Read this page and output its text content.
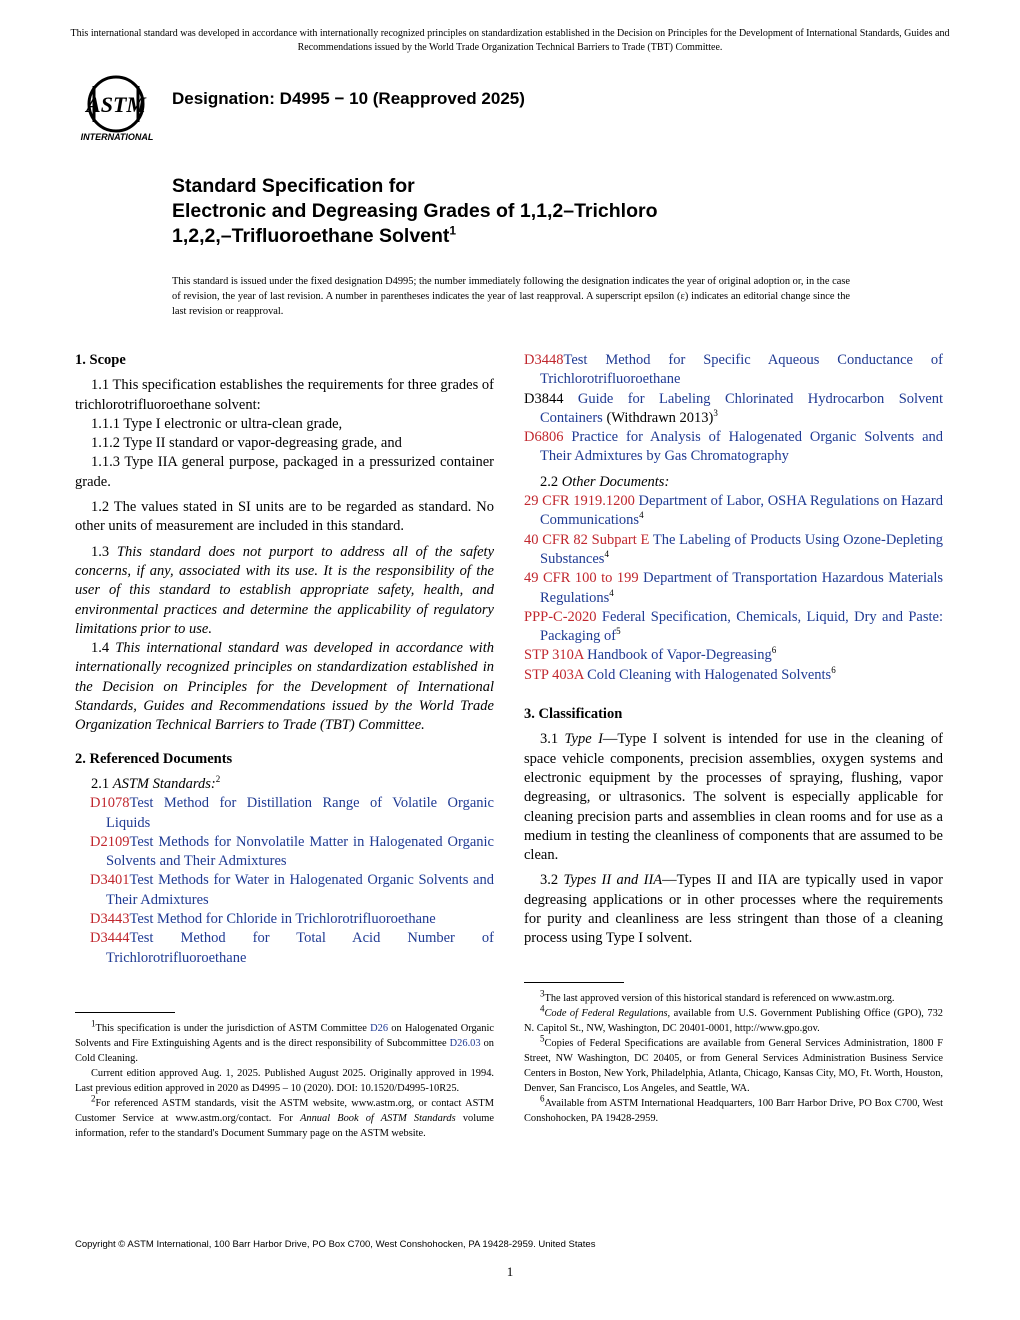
This international standard was developed in accordance with internationally recognized principles on standardization established in the Decision on Principles for the Development of International Standards, Guides and Recommendations issued by the World Trade Organization Technical Barriers to Trade (TBT) Committee.
ASTM
INTERNATIONAL
Designation: D4995 − 10 (Reapproved 2025)
Standard Specification for
Electronic and Degreasing Grades of 1,1,2–Trichloro
1,2,2,–Trifluoroethane Solvent$^1$
This standard is issued under the fixed designation D4995; the number immediately following the designation indicates the year of original adoption or, in the case of revision, the year of last revision. A number in parentheses indicates the year of last reapproval. A superscript epsilon (ε) indicates an editorial change since the last revision or reapproval.

1. Scope

1.1 This specification establishes the requirements for three grades of trichlorotrifluoroethane solvent:

1.1.1 Type I electronic or ultra-clean grade,

1.1.2 Type II standard or vapor-degreasing grade, and

1.1.3 Type IIA general purpose, packaged in a pressurized container grade.

1.2 The values stated in SI units are to be regarded as standard. No other units of measurement are included in this standard.

1.3 This standard does not purport to address all of the safety concerns, if any, associated with its use. It is the responsibility of the user of this standard to establish appropriate safety, health, and environmental practices and determine the applicability of regulatory limitations prior to use.

1.4 This international standard was developed in accordance with internationally recognized principles on standardization established in the Decision on Principles for the Development of International Standards, Guides and Recommendations issued by the World Trade Organization Technical Barriers to Trade (TBT) Committee.

2. Referenced Documents

2.1 ASTM Standards:$^2$

D1078Test Method for Distillation Range of Volatile Organic Liquids

D2109Test Methods for Nonvolatile Matter in Halogenated Organic Solvents and Their Admixtures

D3401Test Methods for Water in Halogenated Organic Solvents and Their Admixtures

D3443Test Method for Chloride in Trichlorotrifluoroethane

D3444Test Method for Total Acid Number of Trichlorotrifluoroethane

D3448Test Method for Specific Aqueous Conductance of Trichlorotrifluoroethane

D3844 Guide for Labeling Chlorinated Hydrocarbon Solvent Containers (Withdrawn 2013)$^3$

D6806 Practice for Analysis of Halogenated Organic Solvents and Their Admixtures by Gas Chromatography

2.2 Other Documents:

29 CFR 1919.1200 Department of Labor, OSHA Regulations on Hazard Communications$^4$

40 CFR 82 Subpart E The Labeling of Products Using Ozone-Depleting Substances$^4$

49 CFR 100 to 199 Department of Transportation Hazardous Materials Regulations$^4$

PPP-C-2020 Federal Specification, Chemicals, Liquid, Dry and Paste: Packaging $of^5$

STP 310A Handbook of Vapor-Degreasing$^6$

STP 403A Cold Cleaning with Halogenated Solvents$^6$

3. Classification

3.1 Type I—Type I solvent is intended for use in the cleaning of space vehicle components, precision assemblies, oxygen systems and electronic equipment by the processes of spraying, flushing, vapor degreasing, or ultrasonics. The solvent is especially applicable for cleaning precision parts and assemblies in clean rooms and for use as a medium in testing the cleanliness of components that are assumed to be clean.

3.2 Types II and IIA—Types II and IIA are typically used in vapor degreasing applications or in other processes where the requirements for purity and cleanliness are less stringent than those of a cleaning process using Type I solvent.

$^1$This specification is under the jurisdiction of ASTM Committee D26 on Halogenated Organic Solvents and Fire Extinguishing Agents and is the direct responsibility of Subcommittee D26.03 on Cold Cleaning.

Current edition approved Aug. 1, 2025. Published August 2025. Originally approved in 1994. Last previous edition approved in 2020 as D4995 – 10 (2020). DOI: 10.1520/D4995-10R25.

$^2$For referenced ASTM standards, visit the ASTM website, www.astm.org, or contact ASTM Customer Service at www.astm.org/contact. For Annual Book of ASTM Standards volume information, refer to the standard's Document Summary page on the ASTM website.

$^3$The last approved version of this historical standard is referenced on www.astm.org.

$^4$Code of Federal Regulations, available from U.S. Government Publishing Office (GPO), 732 N. Capitol St., NW, Washington, DC 20401-0001, http://www.gpo.gov.

$^5$Copies of Federal Specifications are available from General Services Administration, 1800 F Street, NW Washington, DC 20405, or from General Services Administration Business Service Centers in Boston, New York, Philadelphia, Atlanta, Chicago, Kansas City, MO, Ft. Worth, Houston, Denver, San Francisco, Los Angeles, and Seattle, WA.

$^6$Available from ASTM International Headquarters, 100 Barr Harbor Drive, PO Box C700, West Conshohocken, PA 19428-2959.

Copyright © ASTM International, 100 Barr Harbor Drive, PO Box C700, West Conshohocken, PA 19428-2959. United States
1
